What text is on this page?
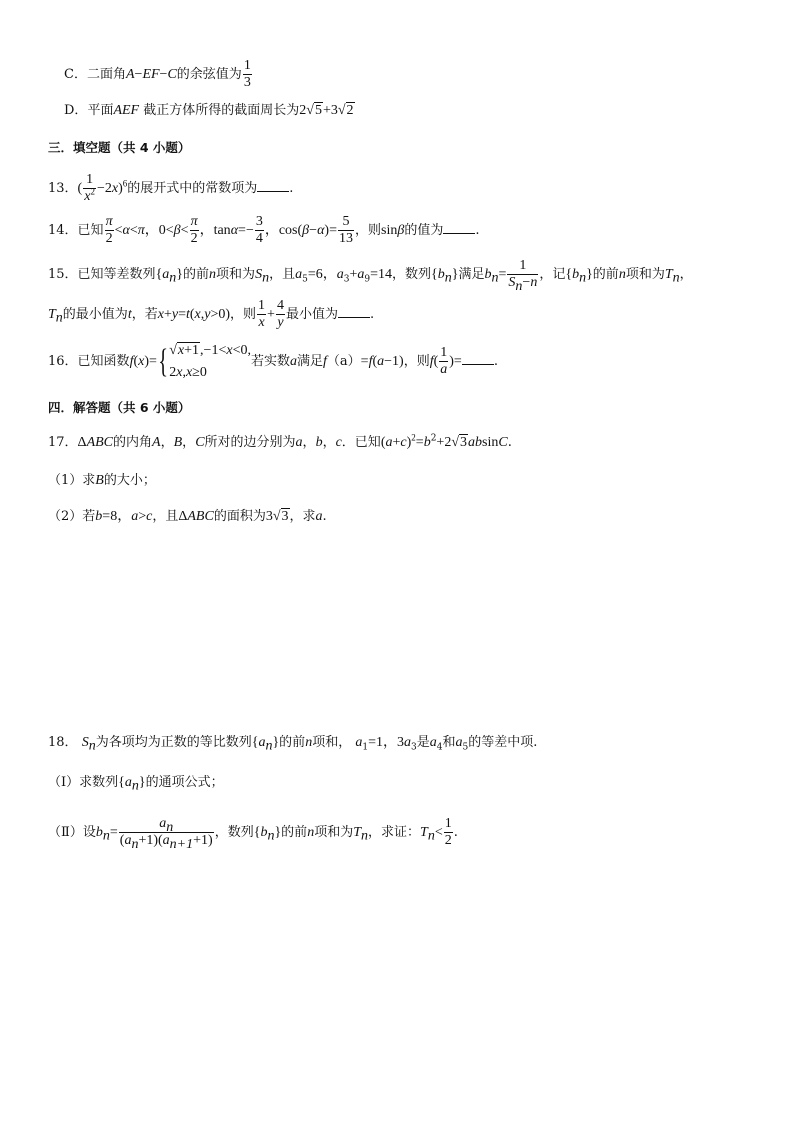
C．二面角A−EF−C的余弦值为 $\frac{1}{3}$
D．平面AEF 截正方体所得的截面周长为2√5+3√2
三．填空题（共 4 小题）
13．( $\frac{1}{x^2} -2x)^6$的展开式中的常数项为 .
14．已知 $\frac{\pi}{2} <\alpha<\pi$，$0<\beta< \frac{\pi}{2}$ ，$\tan\alpha=- \frac{3}{4}$ ，$\cos(\beta-\alpha)= \frac{5}{13}$ ，则sinβ的值为 .
15．已知等差数列$\{a_n\}$的前n项和为$S_n$，且$a_5=6$，$a_3+a_9=14$，数列$\{b_n\}$满足$b_n= \frac{1}{S_n-n}$ ，记$\{b_n\}$的前n项和为$T_n$，
$T_n$的最小值为t，若x+y=t(x,y>0)，则 $\frac{1}{x} + \frac{4}{y}$ 最小值为 .
16．已知函数f(x)={ √x+1,−1<x<0,
2x,x≥0
若实数a满足f（a）=f(a−1)，则$f( \frac{1}{a}$ )= .
四．解答题（共 6 小题）
17．ΔABC的内角A，B，C所对的边分别为a，b，c．已知$(a+c)^2=b^2+2√3absinC$.
（1）求B的大小；
（2）若b=8，a>c，且ΔABC的面积为3√3，求a.
18． $S_n$为各项均为正数的等比数列$\{a_n\}$的前n项和， $a_1=1$，$3a_3$是$a_4$和$a_5$的等差中项.
（Ⅰ）求数列$\{a_n\}$的通项公式；
（Ⅱ）设$b_n= \frac{a_n}{(a_n+1)(a_{n+1}+1)}$ ，数列$\{b_n\}$的前n项和为$T_n$，求证：$T_n< \frac{1}{2}$ .
